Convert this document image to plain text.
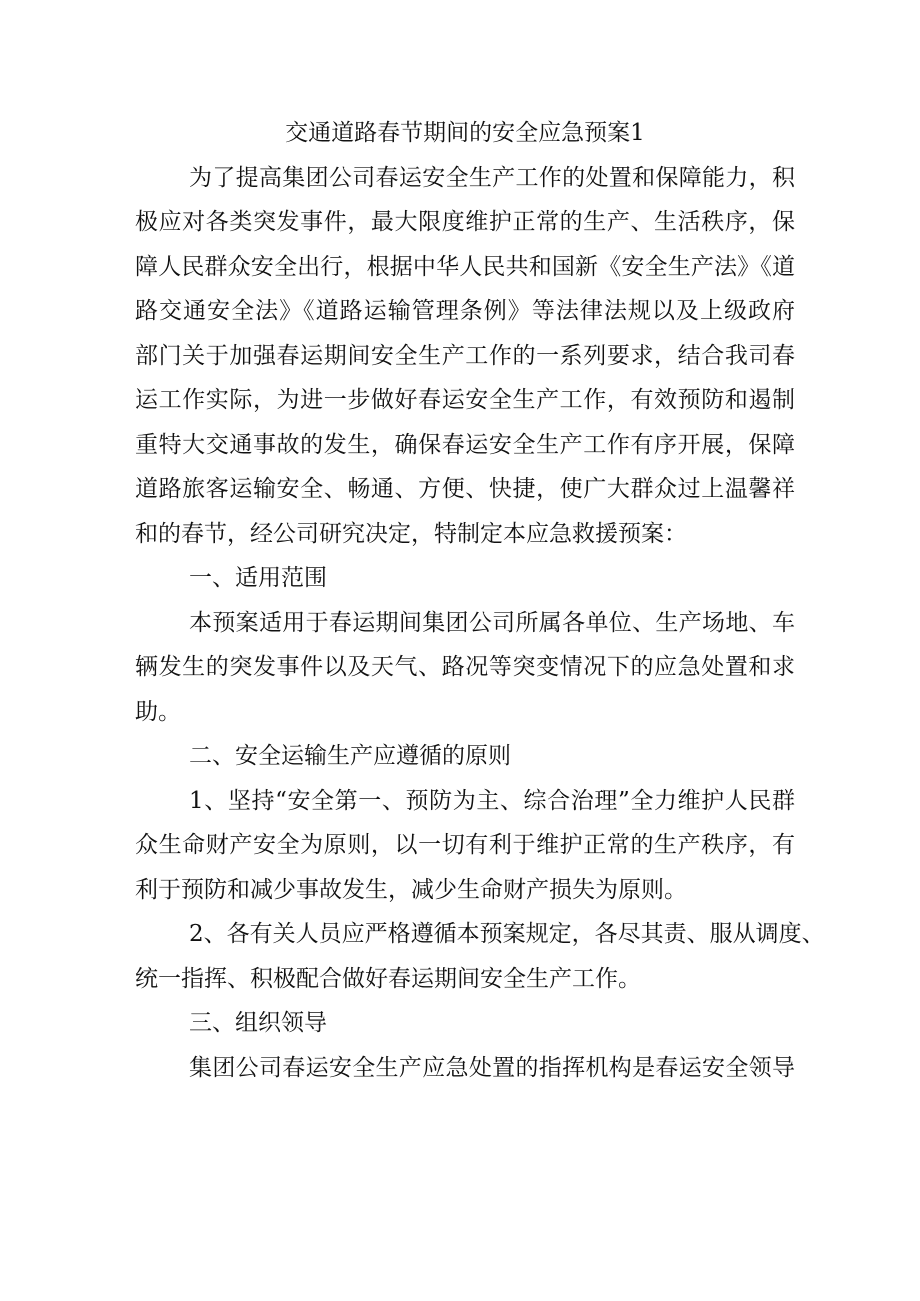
交通道路春节期间的安全应急预案1
为了提高集团公司春运安全生产工作的处置和保障能力，积
极应对各类突发事件，最大限度维护正常的生产、生活秩序，保
障人民群众安全出行，根据中华人民共和国新《安全生产法》《道
路交通安全法》《道路运输管理条例》等法律法规以及上级政府
部门关于加强春运期间安全生产工作的一系列要求，结合我司春
运工作实际，为进一步做好春运安全生产工作，有效预防和遏制
重特大交通事故的发生，确保春运安全生产工作有序开展，保障
道路旅客运输安全、畅通、方便、快捷，使广大群众过上温馨祥
和的春节，经公司研究决定，特制定本应急救援预案：
一、适用范围
本预案适用于春运期间集团公司所属各单位、生产场地、车
辆发生的突发事件以及天气、路况等突变情况下的应急处置和求
助。
二、安全运输生产应遵循的原则
1、坚持“安全第一、预防为主、综合治理”全力维护人民群
众生命财产安全为原则，以一切有利于维护正常的生产秩序，有
利于预防和减少事故发生，减少生命财产损失为原则。
2、各有关人员应严格遵循本预案规定，各尽其责、服从调度、
统一指挥、积极配合做好春运期间安全生产工作。
三、组织领导
集团公司春运安全生产应急处置的指挥机构是春运安全领导
